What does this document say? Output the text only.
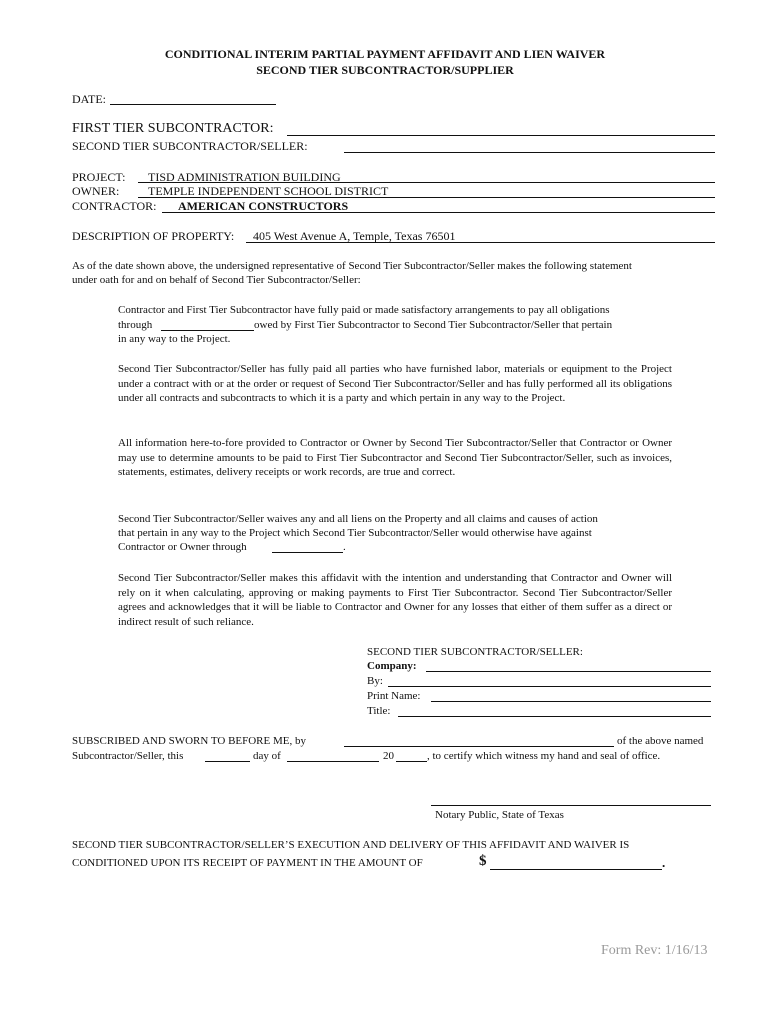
CONDITIONAL INTERIM PARTIAL PAYMENT AFFIDAVIT AND LIEN WAIVER
SECOND TIER SUBCONTRACTOR/SUPPLIER
DATE:
FIRST TIER SUBCONTRACTOR:
SECOND TIER SUBCONTRACTOR/SELLER:
PROJECT: TISD ADMINISTRATION BUILDING
OWNER: TEMPLE INDEPENDENT SCHOOL DISTRICT
CONTRACTOR: AMERICAN CONSTRUCTORS
DESCRIPTION OF PROPERTY: 405 West Avenue A, Temple, Texas 76501
As of the date shown above, the undersigned representative of Second Tier Subcontractor/Seller makes the following statement
under oath for and on behalf of Second Tier Subcontractor/Seller:
Contractor and First Tier Subcontractor have fully paid or made satisfactory arrangements to pay all obligations
through	owed by First Tier Subcontractor to Second Tier Subcontractor/Seller that pertain
in any way to the Project.
Second Tier Subcontractor/Seller has fully paid all parties who have furnished labor, materials or equipment to the Project under a contract with or at the order or request of Second Tier Subcontractor/Seller and has fully performed all its obligations under all contracts and subcontracts to which it is a party and which pertain in any way to the Project.
All information here-to-fore provided to Contractor or Owner by Second Tier Subcontractor/Seller that Contractor or Owner may use to determine amounts to be paid to First Tier Subcontractor and Second Tier Subcontractor/Seller, such as invoices, statements, estimates, delivery receipts or work records, are true and correct.
Second Tier Subcontractor/Seller waives any and all liens on the Property and all claims and causes of action
that pertain in any way to the Project which Second Tier Subcontractor/Seller would otherwise have against
Contractor or Owner through	.
Second Tier Subcontractor/Seller makes this affidavit with the intention and understanding that Contractor and Owner will rely on it when calculating, approving or making payments to First Tier Subcontractor. Second Tier Subcontractor/Seller agrees and acknowledges that it will be liable to Contractor and Owner for any losses that either of them suffer as a direct or indirect result of such reliance.
SECOND TIER SUBCONTRACTOR/SELLER:
Company:
By:
Print Name:
Title:
SUBSCRIBED AND SWORN TO BEFORE ME, by	of the above named
Subcontractor/Seller, this	day of	20	, to certify which witness my hand and seal of office.
Notary Public, State of Texas
SECOND TIER SUBCONTRACTOR/SELLER’S EXECUTION AND DELIVERY OF THIS AFFIDAVIT AND WAIVER IS
CONDITIONED UPON ITS RECEIPT OF PAYMENT IN THE AMOUNT OF	$	.
Form Rev: 1/16/13
